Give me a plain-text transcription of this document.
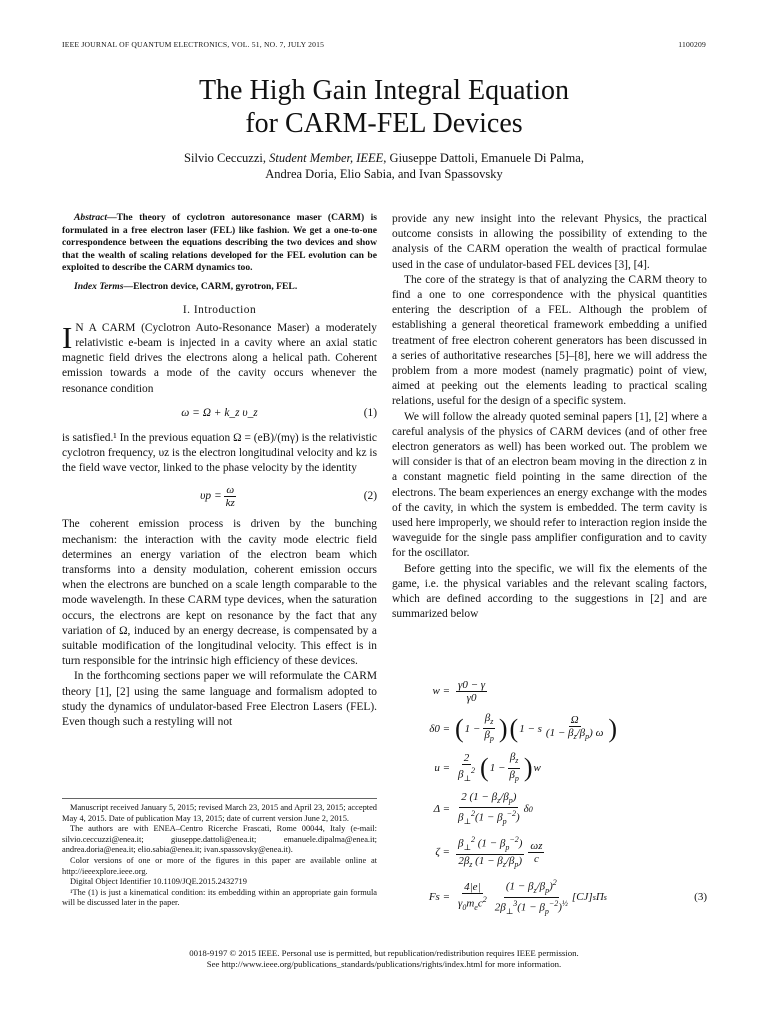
IEEE JOURNAL OF QUANTUM ELECTRONICS, VOL. 51, NO. 7, JULY 2015	1100209
The High Gain Integral Equation
for CARM-FEL Devices
Silvio Ceccuzzi, Student Member, IEEE, Giuseppe Dattoli, Emanuele Di Palma,
Andrea Doria, Elio Sabia, and Ivan Spassovsky

Abstract—The theory of cyclotron autoresonance maser (CARM) is formulated in a free electron laser (FEL) like fashion. We get a one-to-one correspondence between the equations describing the two devices and show that the wealth of scaling relations developed for the FEL evolution can be exploited to describe the CARM dynamics too.

Index Terms—Electron device, CARM, gyrotron, FEL.

I. Introduction

I N A CARM (Cyclotron Auto-Resonance Maser) a moderately relativistic e-beam is injected in a cavity where an axial static magnetic field drives the electrons along a helical path. Coherent emission towards a mode of the cavity occurs whenever the resonance condition

ω = Ω + k_z υ_z	(1)

is satisfied.¹ In the previous equation Ω = (eB)/(mγ) is the relativistic cyclotron frequency, υz is the electron longitudinal velocity and kz is the field wave vector, linked to the phase velocity by the identity

$\upsilon p = \frac{\omega}{kz}$	(2)

The coherent emission process is driven by the bunching mechanism: the interaction with the cavity mode electric field determines an energy variation of the electron beam which transforms into a density modulation, coherent emission occurs when the electrons are bunched on a scale length comparable to the mode wavelength. In these CARM type devices, when the saturation occurs, the electrons are kept on resonance by the fact that any variation of Ω, induced by an energy decrease, is compensated by a suitable modification of the longitudinal velocity. This effect is in turn responsible for the intrinsic high efficiency of these devices.

In the forthcoming sections paper we will reformulate the CARM theory [1], [2] using the same language and formalism adopted to study the dynamics of undulator-based Free Electron Lasers (FEL). Even though such a restyling will not

Manuscript received January 5, 2015; revised March 23, 2015 and April 23, 2015; accepted May 4, 2015. Date of publication May 13, 2015; date of current version June 2, 2015.

The authors are with ENEA–Centro Ricerche Frascati, Rome 00044, Italy (e-mail: silvio.ceccuzzi@enea.it; giuseppe.dattoli@enea.it; emanuele.dipalma@enea.it; andrea.doria@enea.it; elio.sabia@enea.it; ivan.spassovsky@enea.it).

Color versions of one or more of the figures in this paper are available online at http://ieeexplore.ieee.org.

Digital Object Identifier 10.1109/JQE.2015.2432719

¹The (1) is just a kinematical condition: its embedding within an appropriate gain formula will be discussed later in the paper.

provide any new insight into the relevant Physics, the practical outcome consists in allowing the possibility of extending to the analysis of the CARM operation the wealth of practical formulae used in the case of undulator-based FEL devices [3], [4].

The core of the strategy is that of analyzing the CARM theory to find a one to one correspondence with the physical quantities entering the description of a FEL. Although the problem of establishing a general theoretical framework embedding a unified treatment of free electron coherent generators has been discussed in a series of authoritative researches [5]–[8], here we will address the problem from a more modest (namely pragmatic) point of view, aimed at peeking out the elements leading to practical scaling relations, useful for the design of a specific system.

We will follow the already quoted seminal papers [1], [2] where a careful analysis of the physics of CARM devices (and of other free electron generators as well) has been worked out. The problem we will consider is that of an electron beam moving in the direction z in a constant magnetic field pointing in the same direction of the electrons. The beam experiences an energy exchange with the modes of the cavity, in which the system is embedded. The term cavity is used here improperly, we should refer to interaction region inside the waveguide for the single pass amplifier configuration and to cavity for the oscillator.

Before getting into the specific, we will fix the elements of the game, i.e. the physical variables and the relevant scaling factors, which are defined according to the suggestions in [2] and are summarized below

$w = \frac{\gamma 0 - \gamma}{\gamma 0}$
δ0 = ( $1 - \frac{\beta_z}{\beta_p}$ ) ( 1 − s $\frac{\Omega}{(1 - \beta_z/\beta_p) \omega}$ )
$u = \frac{2}{\beta_\perp^2}$ ( $1 - \frac{\beta_z}{\beta_p}$ ) w
$\Delta = \frac{2 (1 - \beta_z/\beta_p)}{\beta_\perp^2(1 - \beta_p^{-2})}$ δ 0
$\zeta = \frac{\beta_\perp^2 (1 - \beta_p^{-2})}{2\beta_z (1 - \beta_z/\beta_p)} \frac{\omega z}{c}$
$Fs = \frac{4|e|}{\gamma_0m_ec^2} \frac{(1 - \beta_z/\beta_p)^2}{2\beta_\perp^3(1 - \beta_p^{-2})^{\frac{1}{2}}} [CJ]$ s Π s	(3)
0018-9197 © 2015 IEEE. Personal use is permitted, but republication/redistribution requires IEEE permission.
See http://www.ieee.org/publications_standards/publications/rights/index.html for more information.
